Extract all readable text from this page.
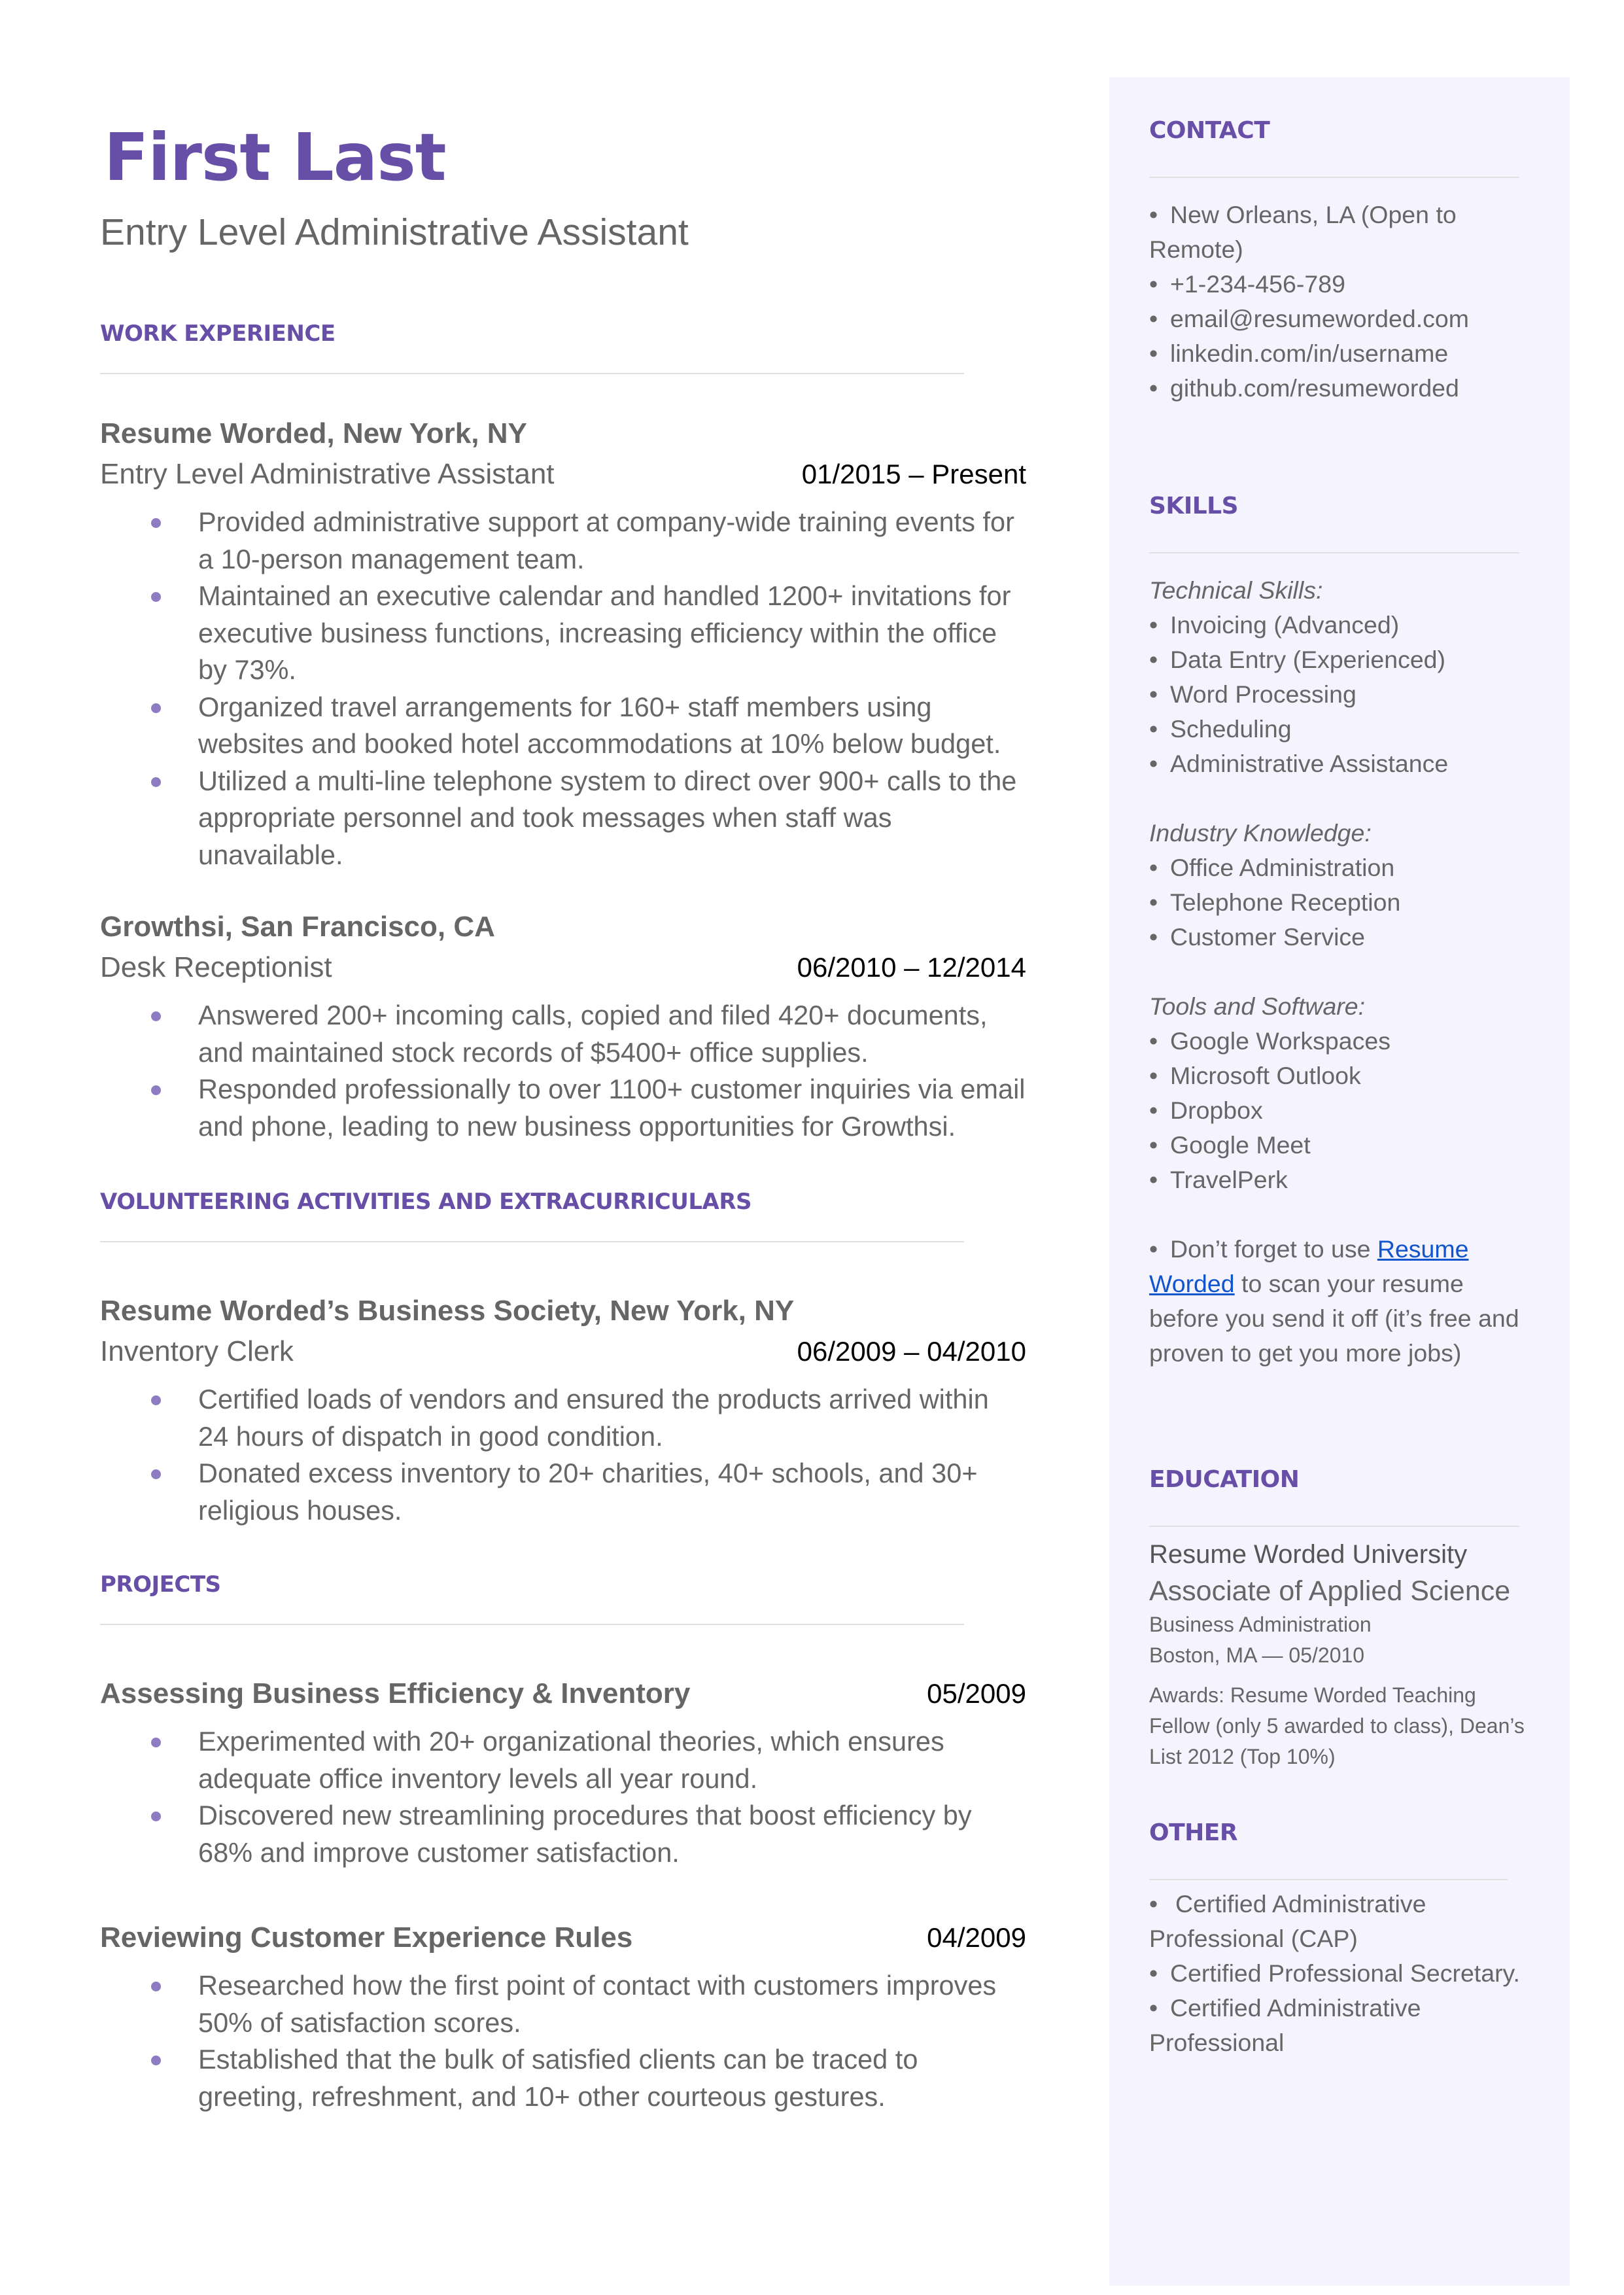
First Last
Entry Level Administrative Assistant
WORK EXPERIENCE
Resume Worded, New York, NY
Entry Level Administrative Assistant	01/2015 – Present
Provided administrative support at company-wide training events for a 10-person management team.
Maintained an executive calendar and handled 1200+ invitations for executive business functions, increasing efficiency within the office by 73%.
Organized travel arrangements for 160+ staff members using websites and booked hotel accommodations at 10% below budget.
Utilized a multi-line telephone system to direct over 900+ calls to the appropriate personnel and took messages when staff was unavailable.
Growthsi, San Francisco, CA
Desk Receptionist	06/2010 – 12/2014
Answered 200+ incoming calls, copied and filed 420+ documents, and maintained stock records of $5400+ office supplies.
Responded professionally to over 1100+ customer inquiries via email and phone, leading to new business opportunities for Growthsi.
VOLUNTEERING ACTIVITIES AND EXTRACURRICULARS
Resume Worded’s Business Society, New York, NY
Inventory Clerk	06/2009 – 04/2010
Certified loads of vendors and ensured the products arrived within 24 hours of dispatch in good condition.
Donated excess inventory to 20+ charities, 40+ schools, and 30+ religious houses.
PROJECTS
Assessing Business Efficiency & Inventory	05/2009
Experimented with 20+ organizational theories, which ensures adequate office inventory levels all year round.
Discovered new streamlining procedures that boost efficiency by 68% and improve customer satisfaction.
Reviewing Customer Experience Rules	04/2009
Researched how the first point of contact with customers improves 50% of satisfaction scores.
Established that the bulk of satisfied clients can be traced to greeting, refreshment, and 10+ other courteous gestures.
CONTACT
• New Orleans, LA (Open to Remote)
• +1-234-456-789
• email@resumeworded.com
• linkedin.com/in/username
• github.com/resumeworded
SKILLS

Technical Skills:

• Invoicing (Advanced)
• Data Entry (Experienced)
• Word Processing
• Scheduling
• Administrative Assistance

Industry Knowledge:

• Office Administration
• Telephone Reception
• Customer Service

Tools and Software:

• Google Workspaces
• Microsoft Outlook
• Dropbox
• Google Meet
• TravelPerk
• Don’t forget to use Resume Worded to scan your resume before you send it off (it’s free and proven to get you more jobs)
EDUCATION
Resume Worded University
Associate of Applied Science
Business Administration
Boston, MA — 05/2010
Awards: Resume Worded Teaching Fellow (only 5 awarded to class), Dean’s List 2012 (Top 10%)
OTHER
• Certified Administrative Professional (CAP)
• Certified Professional Secretary.
• Certified Administrative Professional
